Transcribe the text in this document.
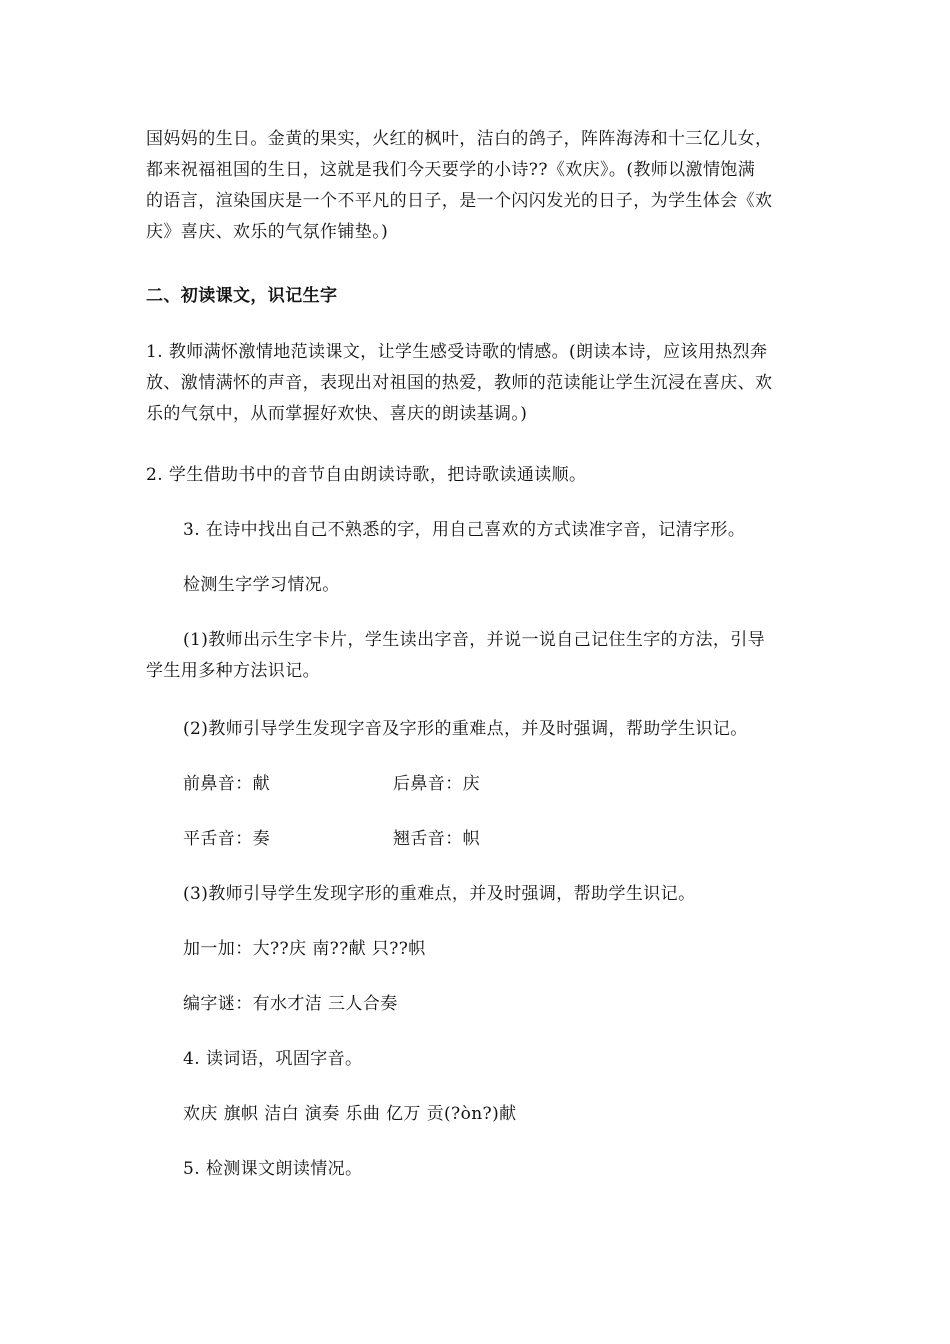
国妈妈的生日。金黄的果实，火红的枫叶，洁白的鸽子，阵阵海涛和十三亿儿女，
都来祝福祖国的生日，这就是我们今天要学的小诗??《欢庆》。(教师以激情饱满
的语言，渲染国庆是一个不平凡的日子，是一个闪闪发光的日子，为学生体会《欢
庆》喜庆、欢乐的气氛作铺垫。)
二、初读课文，识记生字
1. 教师满怀激情地范读课文，让学生感受诗歌的情感。(朗读本诗，应该用热烈奔
放、激情满怀的声音，表现出对祖国的热爱，教师的范读能让学生沉浸在喜庆、欢
乐的气氛中，从而掌握好欢快、喜庆的朗读基调。)
2. 学生借助书中的音节自由朗读诗歌，把诗歌读通读顺。
3. 在诗中找出自己不熟悉的字，用自己喜欢的方式读准字音，记清字形。
检测生字学习情况。
(1)教师出示生字卡片，学生读出字音，并说一说自己记住生字的方法，引导
学生用多种方法识记。
(2)教师引导学生发现字音及字形的重难点，并及时强调，帮助学生识记。
前鼻音：献	后鼻音：庆
平舌音：奏	翘舌音：帜
(3)教师引导学生发现字形的重难点，并及时强调，帮助学生识记。
加一加：大??庆 南??献 只??帜
编字谜：有水才洁 三人合奏
4. 读词语，巩固字音。
欢庆 旗帜 洁白 演奏 乐曲 亿万 贡(?òn?)献
5. 检测课文朗读情况。
